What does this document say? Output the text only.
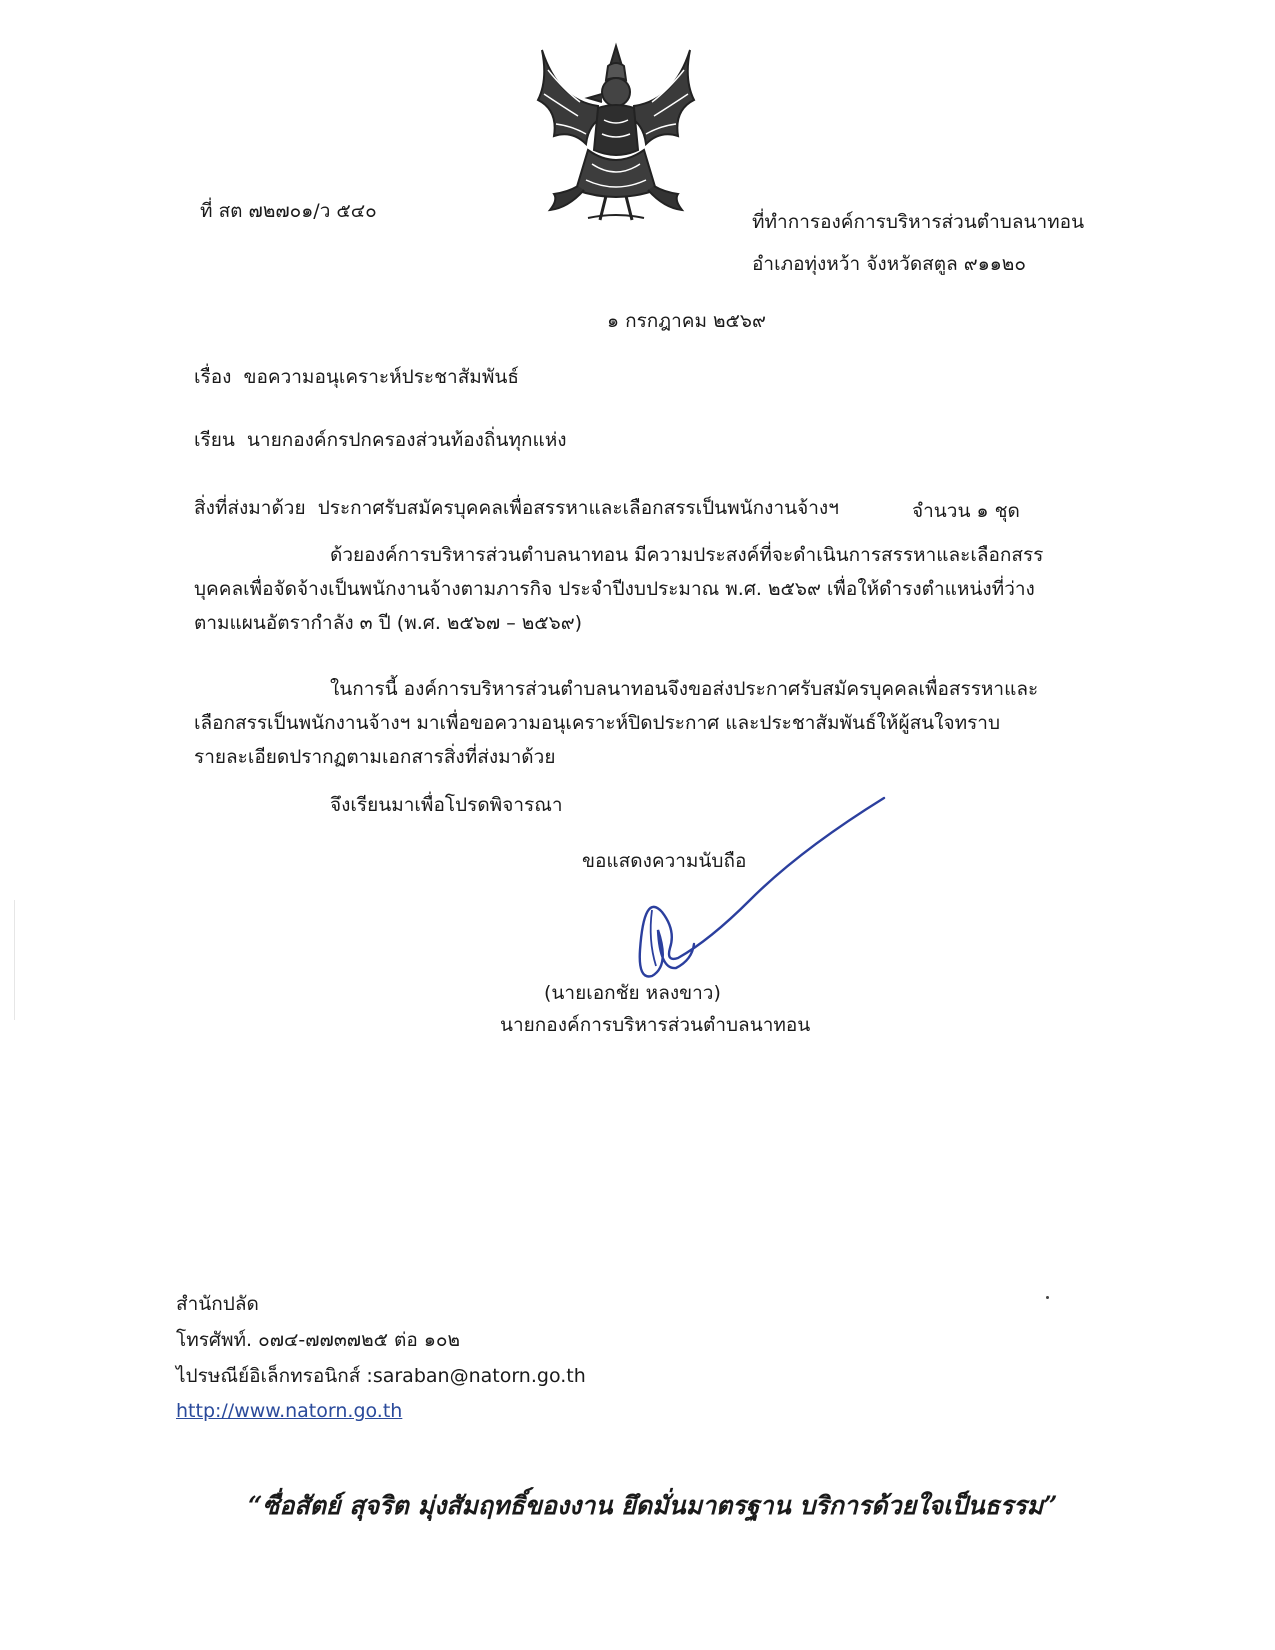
ที่ สต ๗๒๗๐๑/ว ๕๔๐	ที่ทำการองค์การบริหารส่วนตำบลนาทอน
อำเภอทุ่งหว้า จังหวัดสตูล ๙๑๑๒๐
๑ กรกฎาคม ๒๕๖๙
เรื่อง ขอความอนุเคราะห์ประชาสัมพันธ์
เรียน นายกองค์กรปกครองส่วนท้องถิ่นทุกแห่ง
สิ่งที่ส่งมาด้วย ประกาศรับสมัครบุคคลเพื่อสรรหาและเลือกสรรเป็นพนักงานจ้างฯ	จำนวน ๑ ชุด
ด้วยองค์การบริหารส่วนตำบลนาทอน มีความประสงค์ที่จะดำเนินการสรรหาและเลือกสรร
บุคคลเพื่อจัดจ้างเป็นพนักงานจ้างตามภารกิจ ประจำปีงบประมาณ พ.ศ. ๒๕๖๙ เพื่อให้ดำรงตำแหน่งที่ว่าง
ตามแผนอัตรากำลัง ๓ ปี (พ.ศ. ๒๕๖๗ – ๒๕๖๙)
ในการนี้ องค์การบริหารส่วนตำบลนาทอนจึงขอส่งประกาศรับสมัครบุคคลเพื่อสรรหาและ
เลือกสรรเป็นพนักงานจ้างฯ มาเพื่อขอความอนุเคราะห์ปิดประกาศ และประชาสัมพันธ์ให้ผู้สนใจทราบ
รายละเอียดปรากฏตามเอกสารสิ่งที่ส่งมาด้วย
จึงเรียนมาเพื่อโปรดพิจารณา
ขอแสดงความนับถือ
(นายเอกชัย หลงขาว)
นายกองค์การบริหารส่วนตำบลนาทอน
สำนักปลัด
โทรศัพท์. ๐๗๔-๗๗๓๗๒๕ ต่อ ๑๐๒
ไปรษณีย์อิเล็กทรอนิกส์ :saraban@natorn.go.th
http://www.natorn.go.th
“ซื่อสัตย์ สุจริต มุ่งสัมฤทธิ์ของงาน ยึดมั่นมาตรฐาน บริการด้วยใจเป็นธรรม”
